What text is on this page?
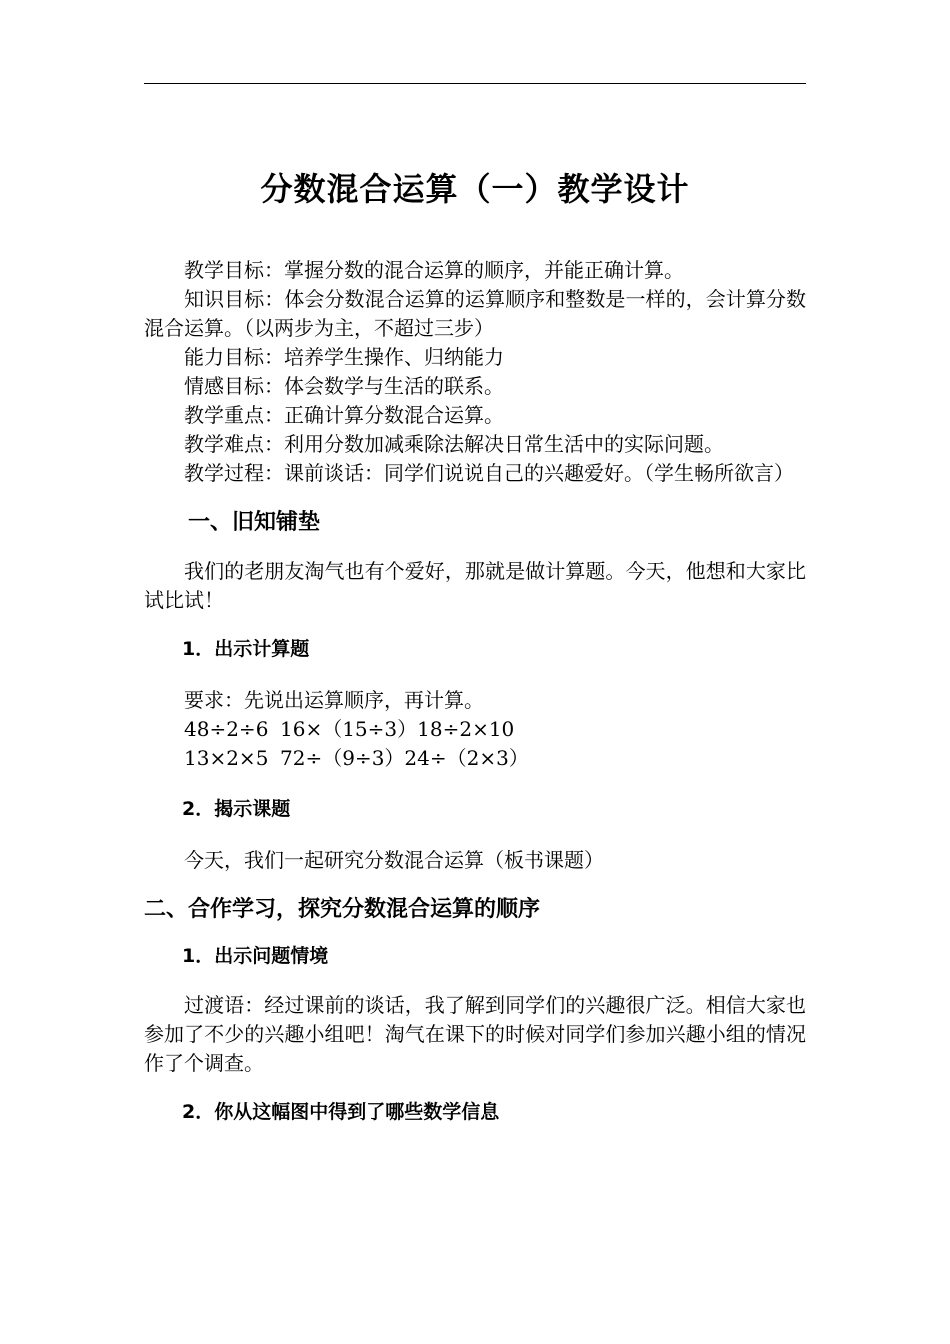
分数混合运算（一）教学设计

教学目标：掌握分数的混合运算的顺序，并能正确计算。

知识目标：体会分数混合运算的运算顺序和整数是一样的，会计算分数混合运算。（以两步为主，不超过三步）

能力目标：培养学生操作、归纳能力

情感目标：体会数学与生活的联系。

教学重点：正确计算分数混合运算。

教学难点：利用分数加减乘除法解决日常生活中的实际问题。

教学过程：课前谈话：同学们说说自己的兴趣爱好。（学生畅所欲言）

一、旧知铺垫

我们的老朋友淘气也有个爱好，那就是做计算题。今天，他想和大家比试比试！

1．出示计算题

要求：先说出运算顺序，再计算。

48÷2÷6 16×（15÷3）18÷2×10

13×2×5 72÷（9÷3）24÷（2×3）

2．揭示课题

今天，我们一起研究分数混合运算（板书课题）

二、合作学习，探究分数混合运算的顺序

1．出示问题情境

过渡语：经过课前的谈话，我了解到同学们的兴趣很广泛。相信大家也参加了不少的兴趣小组吧！淘气在课下的时候对同学们参加兴趣小组的情况作了个调查。

2．你从这幅图中得到了哪些数学信息
